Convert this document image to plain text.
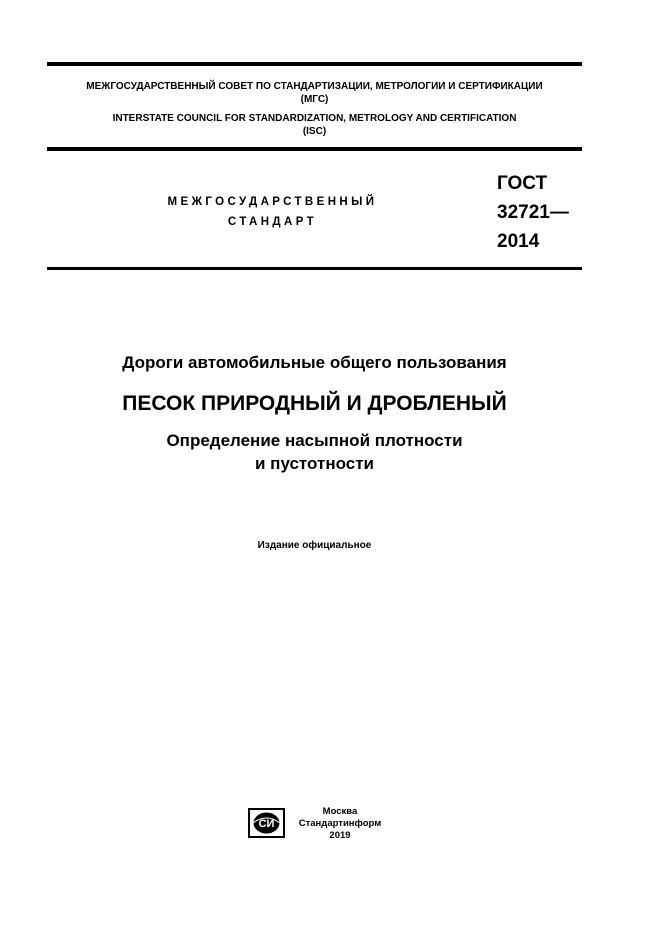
МЕЖГОСУДАРСТВЕННЫЙ СОВЕТ ПО СТАНДАРТИЗАЦИИ, МЕТРОЛОГИИ И СЕРТИФИКАЦИИ
(МГС)
INTERSTATE COUNCIL FOR STANDARDIZATION, METROLOGY AND CERTIFICATION
(ISC)
МЕЖГОСУДАРСТВЕННЫЙ
СТАНДАРТ
ГОСТ
32721—
2014
Дороги автомобильные общего пользования
ПЕСОК ПРИРОДНЫЙ И ДРОБЛЕНЫЙ
Определение насыпной плотности
и пустотности
Издание официальное
СИ
Москва
Стандартинформ
2019
